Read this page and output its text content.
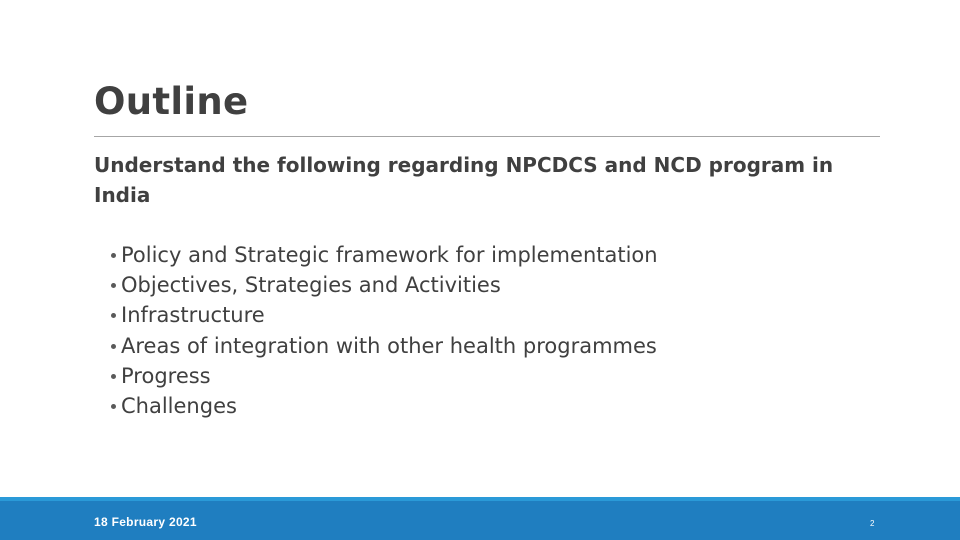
Outline
Understand the following regarding NPCDCS and NCD program in India
Policy and Strategic framework for implementation
Objectives, Strategies and Activities
Infrastructure
Areas of integration with other health programmes
Progress
Challenges
18 February 2021	2
